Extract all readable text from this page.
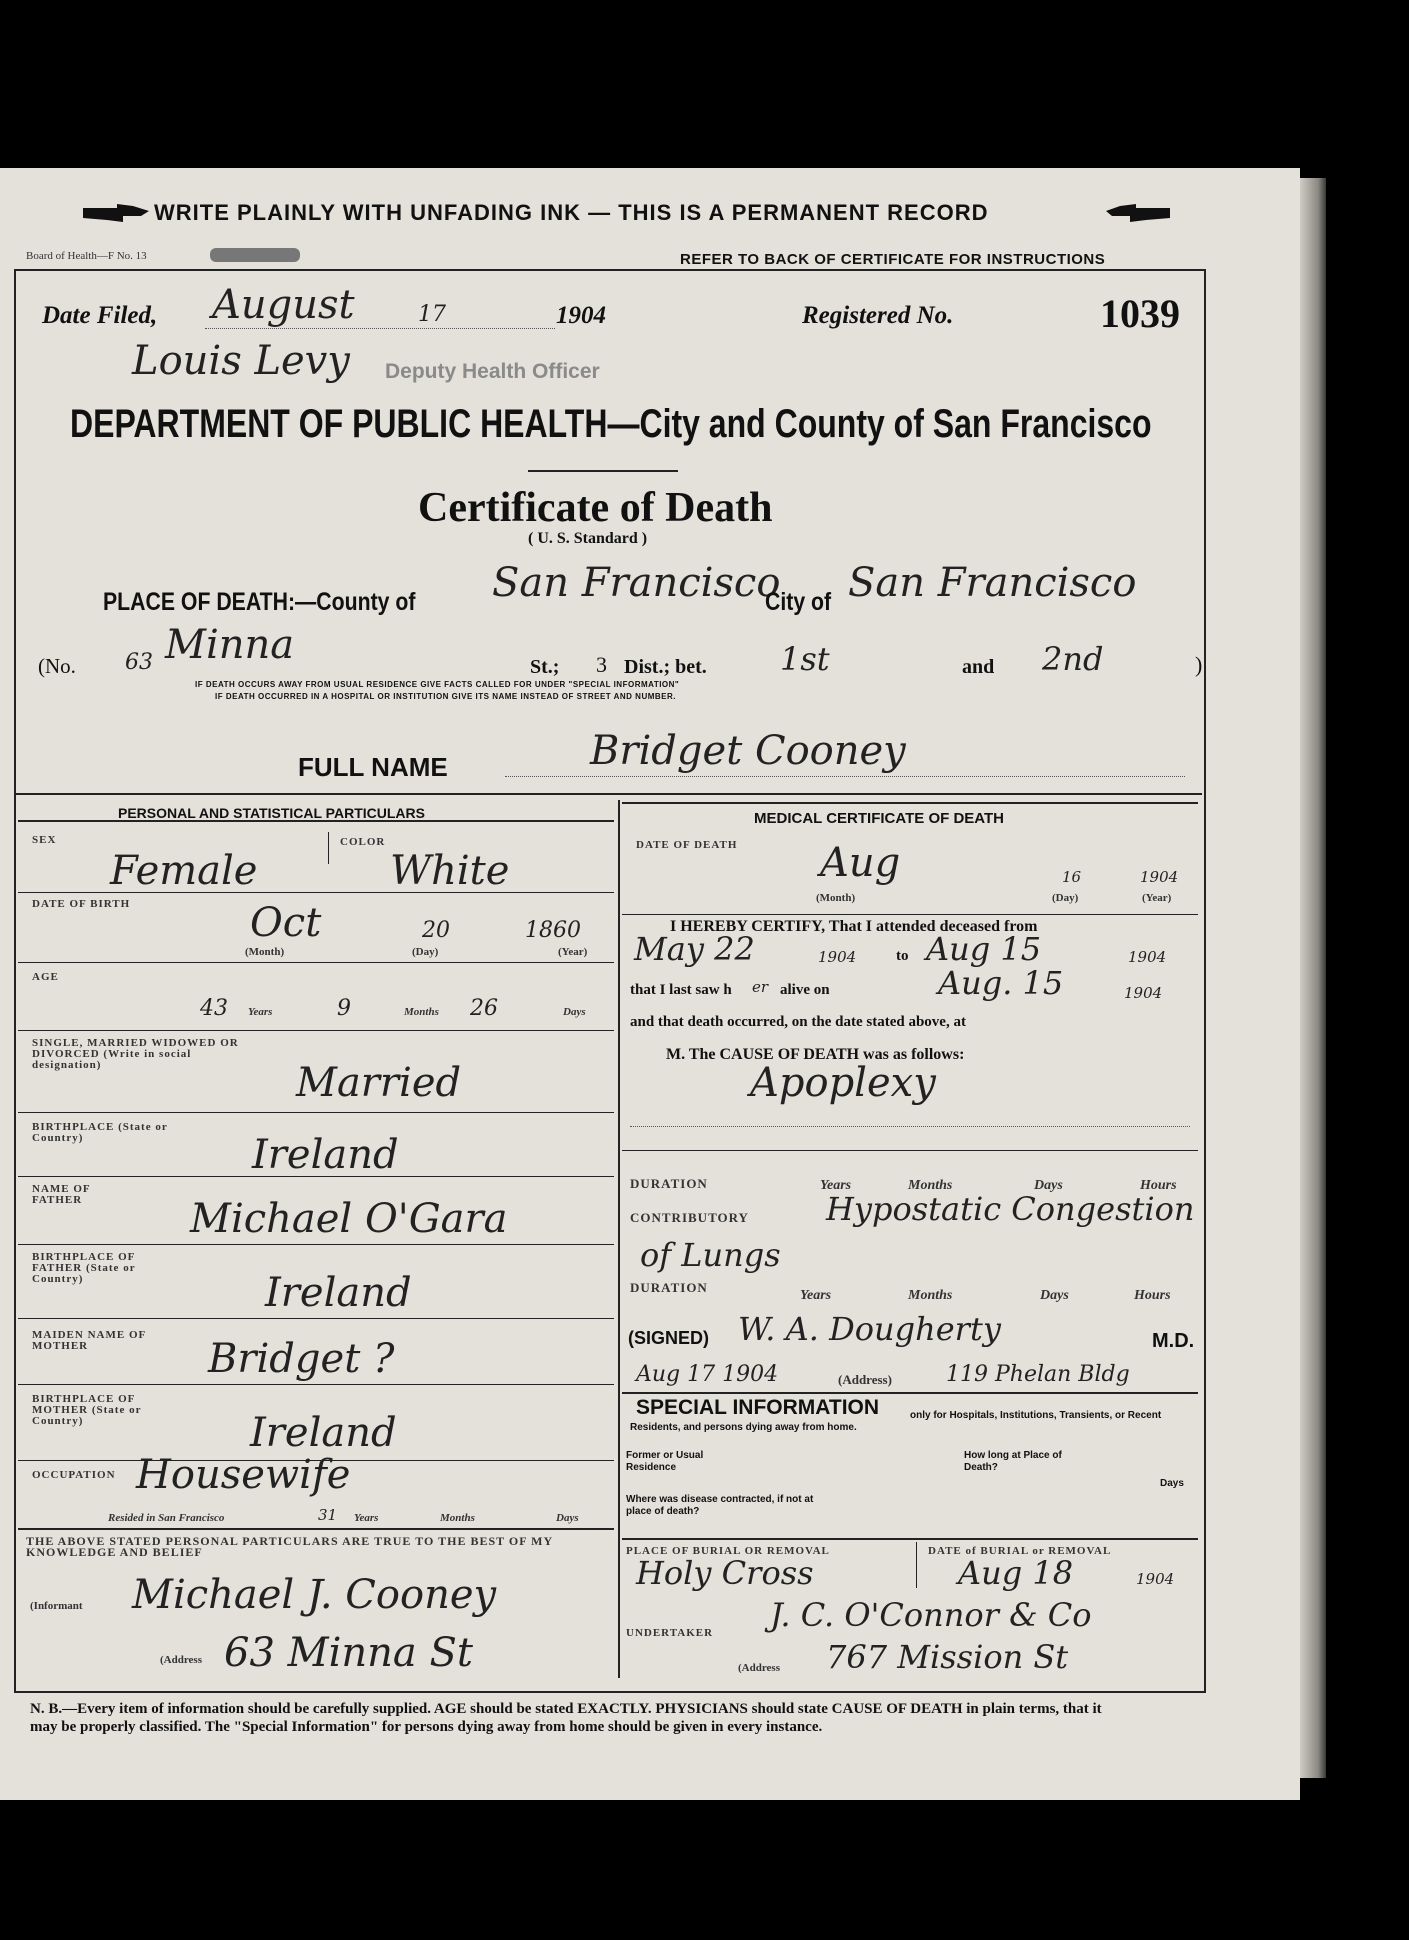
WRITE PLAINLY WITH UNFADING INK — THIS IS A PERMANENT RECORD
Board of Health—F No. 13	REFER TO BACK OF CERTIFICATE FOR INSTRUCTIONS
Date Filed, August	17	1904	Registered No.	1039
Louis Levy Deputy Health Officer
DEPARTMENT OF PUBLIC HEALTH—City and County of San Francisco
Certificate of Death
( U. S. Standard )
PLACE OF DEATH:—County of San Francisco
City of San Francisco
(No. 63 Minna	St.; 3 Dist.; bet. 1st	and 2nd	)
IF DEATH OCCURS AWAY FROM USUAL RESIDENCE GIVE FACTS CALLED FOR UNDER "SPECIAL INFORMATION"
IF DEATH OCCURRED IN A HOSPITAL OR INSTITUTION GIVE ITS NAME INSTEAD OF STREET AND NUMBER.
FULL NAME	Bridget Cooney
PERSONAL AND STATISTICAL PARTICULARS
SEX
Female
COLOR
White
DATE OF BIRTH	Oct	20	1860
(Month)	(Day)	(Year)
AGE
43 Years	9	Months 26	Days
SINGLE, MARRIED WIDOWED OR DIVORCED (Write in social designation)	Married
BIRTHPLACE (State or Country)	Ireland
NAME OF FATHER	Michael O'Gara
BIRTHPLACE OF FATHER (State or Country)	Ireland
MAIDEN NAME OF MOTHER	Bridget ?
BIRTHPLACE OF MOTHER (State or Country)	Ireland
OCCUPATION Housewife
Resided in San Francisco	31 Years	Months	Days
THE ABOVE STATED PERSONAL PARTICULARS ARE TRUE TO THE BEST OF MY KNOWLEDGE AND BELIEF
(Informant Michael J. Cooney
(Address 63 Minna St
MEDICAL CERTIFICATE OF DEATH
DATE OF DEATH Aug	16	1904
(Month)	(Day)	(Year)
I HEREBY CERTIFY, That I attended deceased from
May 22	1904	to Aug 15	1904
that I last saw h er alive on	Aug. 15	1904
and that death occurred, on the date stated above, at
M. The CAUSE OF DEATH was as follows:
Apoplexy
DURATION	Years	Months	Days	Hours
CONTRIBUTORY Hypostatic Congestion
of Lungs
DURATION
Years	Months	Days	Hours
(SIGNED) W. A. Dougherty	M.D.
Aug 17 1904	(Address) 119 Phelan Bldg
SPECIAL INFORMATION	only for Hospitals, Institutions, Transients, or Recent Residents, and persons dying away from home.
Former or Usual Residence
How long at Place of Death?
Days
Where was disease contracted, if not at place of death?
PLACE OF BURIAL OR REMOVAL
Holy Cross
DATE of BURIAL or REMOVAL
Aug 18	1904
UNDERTAKER J. C. O'Connor & Co
(Address 767 Mission St
N. B.—Every item of information should be carefully supplied. AGE should be stated EXACTLY. PHYSICIANS should state CAUSE OF DEATH in plain terms, that it may be properly classified. The "Special Information" for persons dying away from home should be given in every instance.
